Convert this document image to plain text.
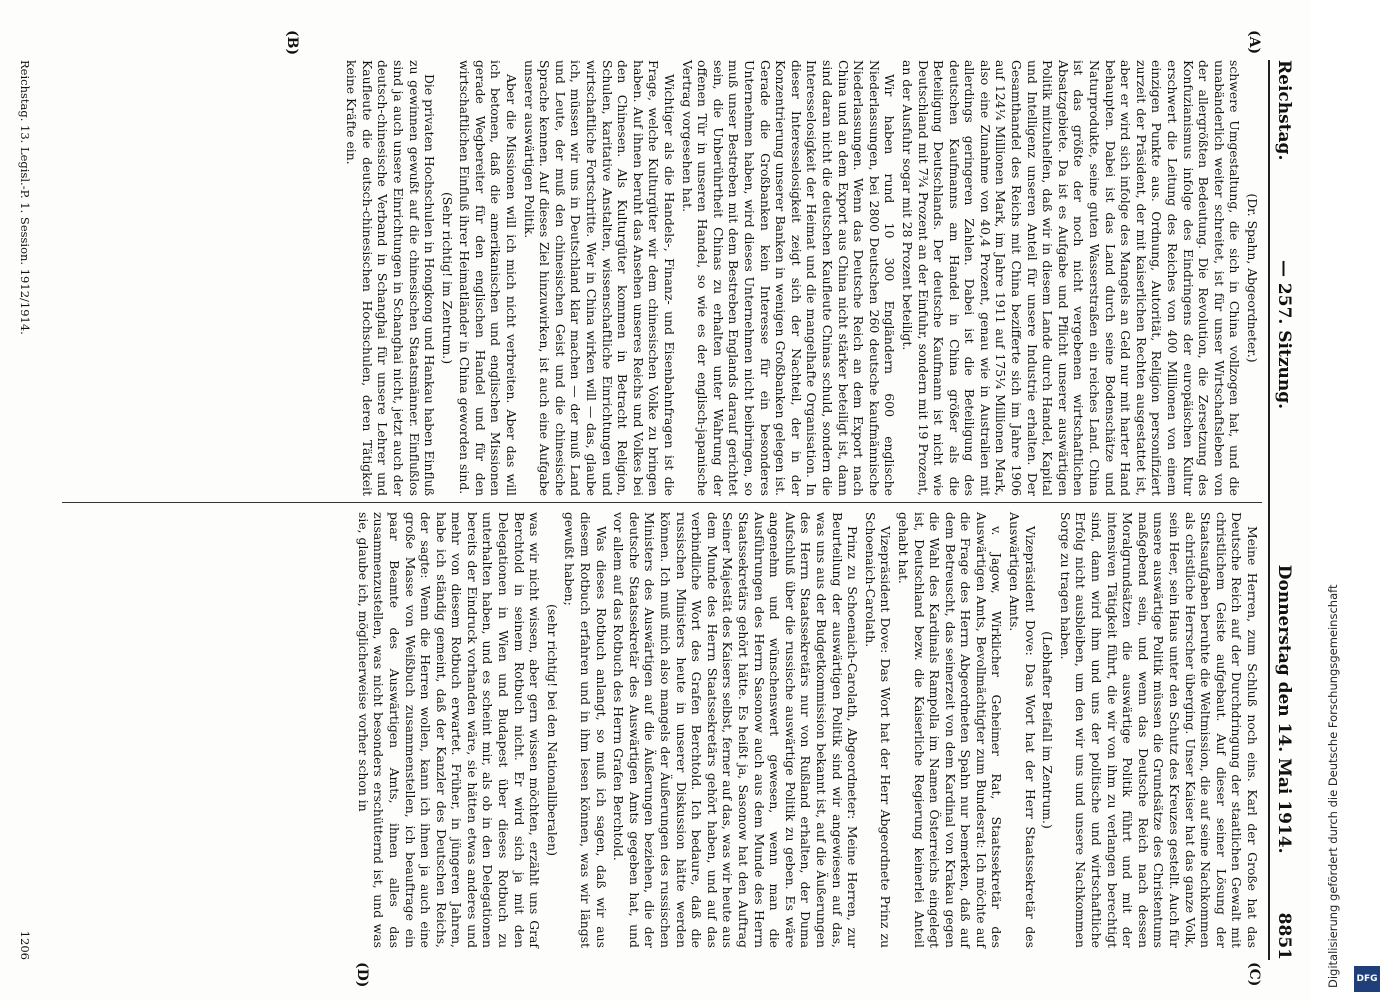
Reichstag.
— 257. Sitzung.
Donnerstag den 14. Mai 1914.          8851
(A)
(B)
(C)
(D)

(Dr. Spahn, Abgeordneter.)

schwere Umgestaltung, die sich in China vollzogen hat, und die unabänderlich weiter schreitet, ist für unser Wirtschaftsleben von der allergrößten Bedeutung. Die Revolution, die Zersetzung des Konfuzianismus infolge des Eindringens der europäischen Kultur erschwert die Leitung des Reiches von 400 Millionen von einem einzigen Punkte aus. Ordnung, Autorität, Religion personifiziert zurzeit der Präsident, der mit kaiserlichen Rechten ausgestattet ist, aber er wird sich infolge des Mangels an Geld nur mit harter Hand behaupten. Dabei ist das Land durch seine Bodenschätze und Naturprodukte, seine guten Wasserstraßen ein reiches Land. China ist das größte der noch nicht vergebenen wirtschaftlichen Absatzgebiete. Da ist es Aufgabe und Pflicht unserer auswärtigen Politik mitzuhelfen, daß wir in diesem Lande durch Handel, Kapital und Intelligenz unseren Anteil für unsere Industrie erhalten. Der Gesamthandel des Reichs mit China bezifferte sich im Jahre 1906 auf 124¼ Millionen Mark, im Jahre 1911 auf 175¼ Millionen Mark, also eine Zunahme von 40,4 Prozent, genau wie in Australien mit allerdings geringeren Zahlen. Dabei ist die Beteiligung des deutschen Kaufmanns am Handel in China größer als die Beteiligung Deutschlands. Der deutsche Kaufmann ist nicht wie Deutschland mit 7¾ Prozent an der Einfuhr, sondern mit 19 Prozent, an der Ausfuhr sogar mit 28 Prozent beteiligt.

Wir haben rund 10 300 Engländern 600 englische Niederlassungen, bei 2800 Deutschen 260 deutsche kaufmännische Niederlassungen. Wenn das Deutsche Reich an dem Export nach China und an dem Export aus China nicht stärker beteiligt ist, dann sind daran nicht die deutschen Kaufleute Chinas schuld, sondern die Interesselosigkeit der Heimat und die mangelhafte Organisation. In dieser Interesselosigkeit zeigt sich der Nachteil, der in der Konzentrierung unserer Banken in wenigen Großbanken gelegen ist. Gerade die Großbanken kein Interesse für ein besonderes Unternehmen haben, wird dieses Unternehmen nicht beibringen, so muß unser Bestreben mit dem Bestreben Englands darauf gerichtet sein, die Unberührtheit Chinas zu erhalten unter Wahrung der offenen Tür in unseren Handel, so wie es der englisch-japanische Vertrag vorgesehen hat.

Wichtiger als die Handels-, Finanz- und Eisenbahnfragen ist die Frage, welche Kulturgüter wir dem chinesischen Volke zu bringen haben. Auf ihnen beruht das Ansehen unseres Reichs und Volkes bei den Chinesen. Als Kulturgüter kommen in Betracht Religion, Schulen, karitative Anstalten, wissenschaftliche Einrichtungen und wirtschaftliche Fortschritte. Wer in China wirken will — das, glaube ich, müssen wir uns in Deutschland klar machen — der muß Land und Leute, der muß den chinesischen Geist und die chinesische Sprache kennen. Auf dieses Ziel hinzuwirken, ist auch eine Aufgabe unserer auswärtigen Politik.

Aber die Missionen will ich mich nicht verbreiten. Aber das will ich betonen, daß die amerikanischen und englischen Missionen gerade Wegbereiter für den englischen Handel und für den wirtschaftlichen Einfluß ihrer Heimatländer in China geworden sind.

(Sehr richtig! im Zentrum.)

Die privaten Hochschulen in Hongkong und Hankau haben Einfluß zu gewinnen gewußt auf die chinesischen Staatsmänner. Einflußlos sind ja auch unsere Einrichtungen in Schanghai nicht, jetzt auch der deutsch-chinesische Verband in Schanghai für unsere Lehrer und Kaufleute die deutsch-chinesischen Hochschulen, deren Tätigkeit keine Kräfte ein.

Meine Herren, zum Schluß noch eins. Karl der Große hat das Deutsche Reich auf der Durchdringung der staatlichen Gewalt mit christlichem Geiste aufgebaut. Auf dieser seiner Lösung der Staatsaufgaben beruhte die Weltmission, die auf seine Nachkommen als christliche Herrscher überging. Unser Kaiser hat das ganze Volk, sein Heer, sein Haus unter den Schutz des Kreuzes gestellt. Auch für unsere auswärtige Politik müssen die Grundsätze des Christentums maßgebend sein, und wenn das Deutsche Reich nach dessen Moralgrundsätzen die auswärtige Politik führt und mit der intensiven Tätigkeit führt, die wir von ihm zu verlangen berechtigt sind, dann wird ihm und uns der politische und wirtschaftliche Erfolg nicht ausbleiben, um den wir uns und unsere Nachkommen Sorge zu tragen haben.

(Lebhafter Beifall im Zentrum.)

Vizepräsident Dove: Das Wort hat der Herr Staatssekretär des Auswärtigen Amts.

v. Jagow, Wirklicher Geheimer Rat, Staatssekretär des Auswärtigen Amts, Bevollmächtigter zum Bundesrat: Ich möchte auf die Frage des Herrn Abgeordneten Spahn nur bemerken, daß auf dem Betreuscht, das seinerzeit von dem Kardinal von Krakau gegen die Wahl des Kardinals Rampolla im Namen Österreichs eingelegt ist, Deutschland bezw. die Kaiserliche Regierung keinerlei Anteil gehabt hat.

Vizepräsident Dove: Das Wort hat der Herr Abgeordnete Prinz zu Schoenaich-Carolath.

Prinz zu Schoenaich-Carolath, Abgeordneter: Meine Herren, zur Beurteilung der auswärtigen Politik sind wir angewiesen auf das, was uns aus der Budgetkommission bekannt ist, auf die Äußerungen des Herrn Staatssekretärs nur von Rußland erhalten, der Duma Aufschluß über die russische auswärtige Politik zu geben. Es wäre angenehm und wünschenswert gewesen, wenn man die Ausführungen des Herrn Sasonow auch aus dem Munde des Herrn Staatssekretärs gehört hätte. Es heißt ja, Sasonow hat den Auftrag Seiner Majestät des Kaisers selbst, ferner auf das, was wir heute aus dem Munde des Herrn Staatssekretärs gehört haben, und auf das verbindliche Wort des Grafen Berchtold. Ich bedaure, daß die russischen Ministers heute in unserer Diskussion hätte werden können. Ich muß mich also mangels der Äußerungen des russischen Ministers des Auswärtigen auf die Äußerungen beziehen, die der deutsche Staatssekretär des Auswärtigen Amts gegeben hat, und vor allem auf das Rotbuch des Herrn Grafen Berchtold.

Was dieses Rotbuch anlangt, so muß ich sagen, daß wir aus diesem Rotbuch erfahren und in ihm lesen können, was wir längst gewußt haben;

(sehr richtig! bei den Nationalliberalen)

was wir nicht wissen, aber gern wissen möchten, erzählt uns Graf Berchtold in seinem Rotbuch nicht. Er wird sich ja mit den Delegationen in Wien und Budapest über dieses Rotbuch zu unterhalten haben, und es scheint mir, als ob in den Delegationen bereits der Eindruck vorhanden wäre, sie hätten etwas anderes und mehr von diesem Rotbuch erwartet. Früher, in jüngeren Jahren, habe ich ständig gemeint, daß der Kanzler des Deutschen Reichs, der sagte: Wenn die Herren wollen, kann ich ihnen ja auch eine große Masse von Weißbuch zusammenstellen, ich beauftrage ein paar Beamte des Auswärtigen Amts, ihnen alles das zusammenzustellen, was nicht besonders erschütternd ist, und was sie, glaube ich, möglicherweise vorher schon in

Reichstag. 13. Legisl.-P. 1. Session. 1912/1914.
1206	Digitalisierung gefördert durch die Deutsche Forschungsgemeinschaft	DFG
